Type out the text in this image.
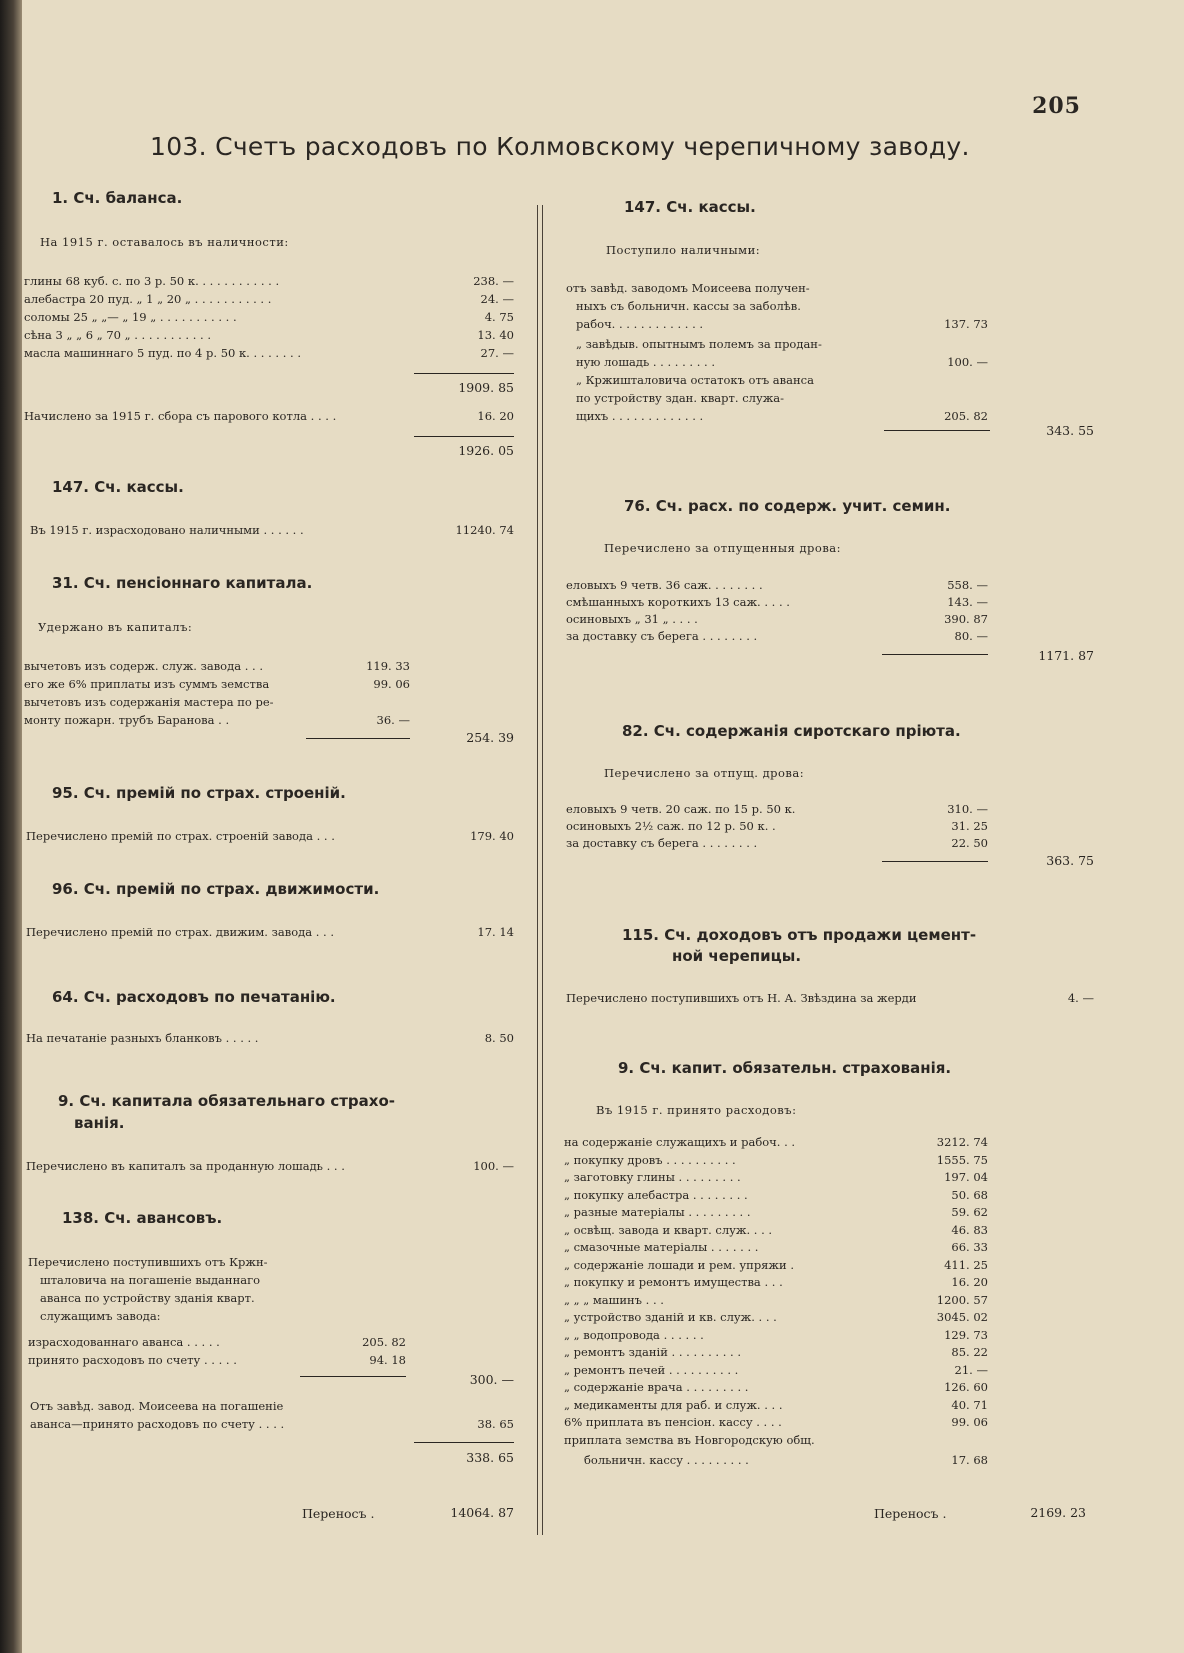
205
103. Счетъ расходовъ по Колмовскому черепичному заводу.
1. Сч. баланса.
На 1915 г. оставалось въ наличности:
глины 68 куб. с. по 3 р. 50 к. . . . . . . . . . . .	238. —
алебастра 20 пуд. „ 1 „ 20 „ . . . . . . . . . . .	24. —
соломы 25 „ „— „ 19 „ . . . . . . . . . . .	4. 75
сѣна 3 „ „ 6 „ 70 „ . . . . . . . . . . .	13. 40
масла машиннаго 5 пуд. по 4 р. 50 к. . . . . . . .	27. —
1909. 85
Начислено за 1915 г. сбора съ парового котла . . . .	16. 20
1926. 05
147. Сч. кассы.
Въ 1915 г. израсходовано наличными . . . . . .	11240. 74
31. Сч. пенсіоннаго капитала.
Удержано въ капиталъ:
вычетовъ изъ содерж. служ. завода . . .	119. 33
его же 6% приплаты изъ суммъ земства	99. 06
вычетовъ изъ содержанія мастера по ре-
монту пожарн. трубъ Баранова . .	36. —
254. 39
95. Сч. премій по страх. строеній.
Перечислено премій по страх. строеній завода . . .	179. 40
96. Сч. премій по страх. движимости.
Перечислено премій по страх. движим. завода . . .	17. 14
64. Сч. расходовъ по печатанію.
На печатаніе разныхъ бланковъ . . . . .	8. 50
9. Сч. капитала обязательнаго страхо-
ванія.
Перечислено въ капиталъ за проданную лошадь . . .	100. —
138. Сч. авансовъ.
Перечислено поступившихъ отъ Кржн-
шталовича на погашеніе выданнаго
аванса по устройству зданія кварт.
служащимъ завода:
израсходованнаго аванса . . . . .	205. 82
принято расходовъ по счету . . . . .	94. 18
300. —
Отъ завѣд. завод. Моисеева на погашеніе
аванса—принято расходовъ по счету . . . .	38. 65
338. 65
Переносъ .	14064. 87
147. Сч. кассы.
Поступило наличными:
отъ завѣд. заводомъ Моисеева получен-
ныхъ съ больничн. кассы за заболѣв.
рабоч. . . . . . . . . . . . .	137. 73
„ завѣдыв. опытнымъ полемъ за продан-
ную лошадь . . . . . . . . .	100. —
„ Кржишталовича остатокъ отъ аванса
по устройству здан. кварт. служа-
щихъ . . . . . . . . . . . . .	205. 82
343. 55
76. Сч. расх. по содерж. учит. семин.
Перечислено за отпущенныя дрова:
еловыхъ 9 четв. 36 саж. . . . . . . .	558. —
смѣшанныхъ короткихъ 13 саж. . . . .	143. —
осиновыхъ „ 31 „ . . . .	390. 87
за доставку съ берега . . . . . . . .	80. —
1171. 87
82. Сч. содержанія сиротскаго пріюта.
Перечислено за отпущ. дрова:
еловыхъ 9 четв. 20 саж. по 15 р. 50 к.	310. —
осиновыхъ 2½ саж. по 12 р. 50 к. .	31. 25
за доставку съ берега . . . . . . . .	22. 50
363. 75
115. Сч. доходовъ отъ продажи цемент-
ной черепицы.
Перечислено поступившихъ отъ Н. А. Звѣздина за жерди	4. —
9. Сч. капит. обязательн. страхованія.
Въ 1915 г. принято расходовъ:
на содержаніе служащихъ и рабоч. . .	3212. 74
„ покупку дровъ . . . . . . . . . .	1555. 75
„ заготовку глины . . . . . . . . .	197. 04
„ покупку алебастра . . . . . . . .	50. 68
„ разные матеріалы . . . . . . . . .	59. 62
„ освѣщ. завода и кварт. служ. . . .	46. 83
„ смазочные матеріалы . . . . . . .	66. 33
„ содержаніе лошади и рем. упряжи .	411. 25
„ покупку и ремонтъ имущества . . .	16. 20
„ „ „ машинъ . . .	1200. 57
„ устройство зданій и кв. служ. . . .	3045. 02
„ „ водопровода . . . . . .	129. 73
„ ремонтъ зданій . . . . . . . . . .	85. 22
„ ремонтъ печей . . . . . . . . . .	21. —
„ содержаніе врача . . . . . . . . .	126. 60
„ медикаменты для раб. и служ. . . .	40. 71
6% приплата въ пенсіон. кассу . . . .	99. 06
приплата земства въ Новгородскую общ.
больничн. кассу . . . . . . . . .	17. 68
Переносъ .	2169. 23
